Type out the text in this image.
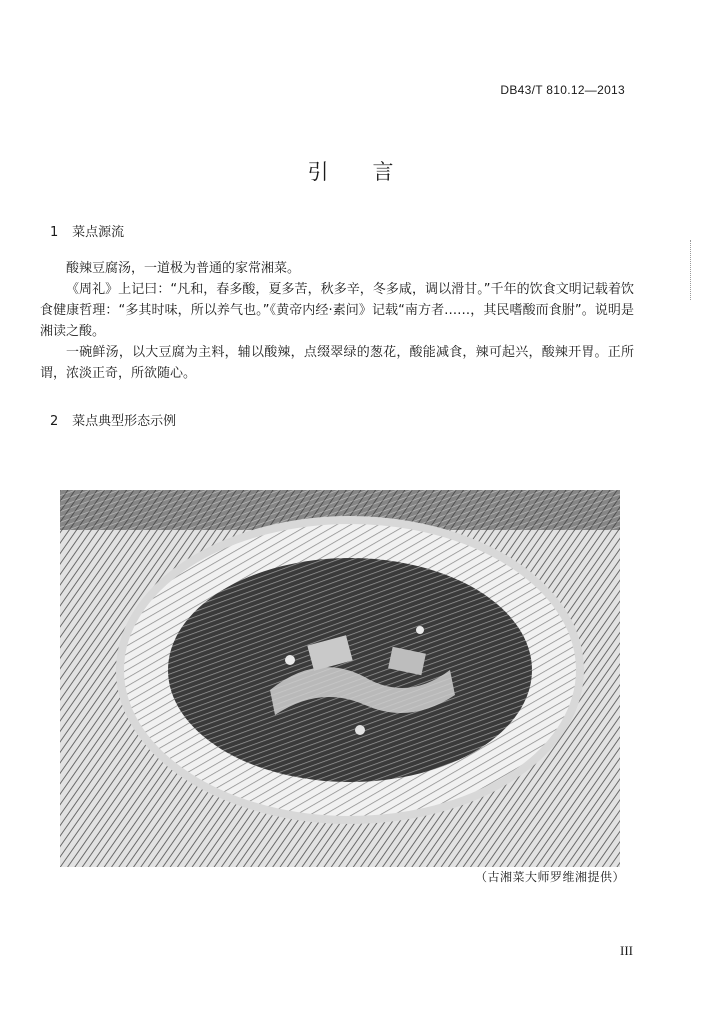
DB43/T 810.12—2013
引言
1 菜点源流

酸辣豆腐汤，一道极为普通的家常湘菜。

《周礼》上记曰：“凡和，春多酸，夏多苦，秋多辛，冬多咸，调以滑甘。”千年的饮食文明记载着饮食健康哲理：“多其时味，所以养气也。”《黄帝内经·素问》记载“南方者……，其民嗜酸而食胕”。说明是湘读之酸。

一碗鲜汤，以大豆腐为主料，辅以酸辣，点缀翠绿的葱花，酸能减食，辣可起兴，酸辣开胃。正所谓，浓淡正奇，所欲随心。

2 菜点典型形态示例
（古湘菜大师罗维湘提供）
III
